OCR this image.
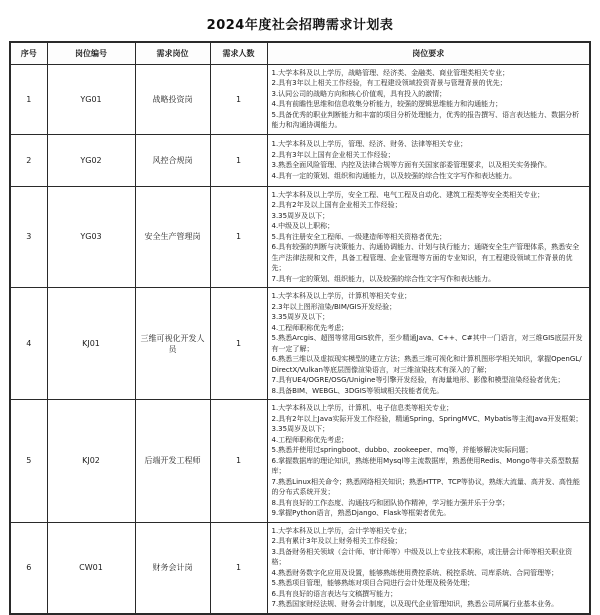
2024年度社会招聘需求计划表
序号	岗位编号	需求岗位	需求人数	岗位要求
1	YG01	战略投资岗	1	1.大学本科及以上学历，战略管理、经济类、金融类、商业管理类相关专业；
2.具有3年以上相关工作经验，有工程建设领域投资背景与管理背景的优先；
3.认同公司的战略方向和核心价值观，具有投入的激情；
4.具有前瞻性思维和信息收集分析能力，较强的逻辑思维能力和沟通能力；
5.具备优秀的职业判断能力和丰富的项目分析处理能力，优秀的报告撰写、语言表达能力、数据分析能力和沟通协调能力。

2	YG02	风控合规岗	1	1.大学本科及以上学历，管理、经济、财务、法律等相关专业；
2.具有3年以上国有企业相关工作经验；
3.熟悉全面风险管理、内控及法律合规等方面有关国家部委管理要求，以及相关实务操作。
4.具有一定的策划、组织和沟通能力，以及较强的综合性文字写作和表达能力。

3	YG03	安全生产管理岗	1	
1.大学本科及以上学历，安全工程、电气工程及自动化、建筑工程类等安全类相关专业；
2.具有2年及以上国有企业相关工作经验；
3.35周岁及以下；
4.中级及以上职称；
5.具有注册安全工程师、一级建造师等相关资格者优先；
6.具有较强的判断与决策能力、沟通协调能力、计划与执行能力；通晓安全生产管理体系，熟悉安全生产法律法规和文件，具备工程管理、企业管理等方面的专业知识，有工程建设领域工作背景的优先；
7.具有一定的策划、组织能力，以及较强的综合性文字写作和表达能力。

4	KJ01	三维可视化开发人员	1	
1.大学本科及以上学历，计算机等相关专业；
2.3年以上图形渲染/BIM/GIS开发经验；
3.35周岁及以下；
4.工程师职称优先考虑；
5.熟悉Arcgis、超图等常用GIS软件，至少精通Java、C++、C#其中一门语言，对三维GIS底层开发有一定了解；
6.熟悉三维以及虚拟现实模型的建立方法；熟悉三维可视化和计算机图形学相关知识，掌握OpenGL/DirectX/Vulkan等底层图像渲染语言，对三维渲染技术有深入的了解；
7.具有UE4/OGRE/OSG/Unigine等引擎开发经验，有海量地形、影像和模型渲染经验者优先；
8.具备BIM、WEBGL、3DGIS等领域相关技能者优先。

5	KJ02	后端开发工程师	1	
1.大学本科及以上学历，计算机、电子信息类等相关专业；
2.具有2年以上Java实际开发工作经验，精通Spring、SpringMVC、Mybatis等主流Java开发框架；
3.35周岁及以下；
4.工程师职称优先考虑；
5.熟悉并使用过springboot、dubbo、zookeeper、mq等，并能够解决实际问题；
6.掌握数据库的理论知识，熟练使用Mysql等主流数据库，熟悉使用Redis、Mongo等非关系型数据库；
7.熟悉Linux相关命令；熟悉网络相关知识；熟悉HTTP、TCP等协议，熟练大流量、高并发、高性能的分布式系统开发；
8.具有良好的工作态度、沟通技巧和团队协作精神，学习能力强并乐于分享；
9.掌握Python语言，熟悉Django、Flask等框架者优先。

6	CW01	财务会计岗	1	
1.大学本科及以上学历，会计学等相关专业；
2.具有累计3年及以上财务相关工作经验；
3.具备财务相关领域（会计师、审计师等）中级及以上专业技术职称，或注册会计师等相关职业资格；
4.熟悉财务数字化应用及设置，能够熟练使用费控系统、税控系统、司库系统、合同管理等；
5.熟悉项目管理，能够熟练对项目合同进行会计处理及税务处理；
6.具有良好的语言表达与文稿撰写能力；
7.熟悉国家财经法规、财务会计制度，以及现代企业管理知识，熟悉公司所属行业基本业务。
